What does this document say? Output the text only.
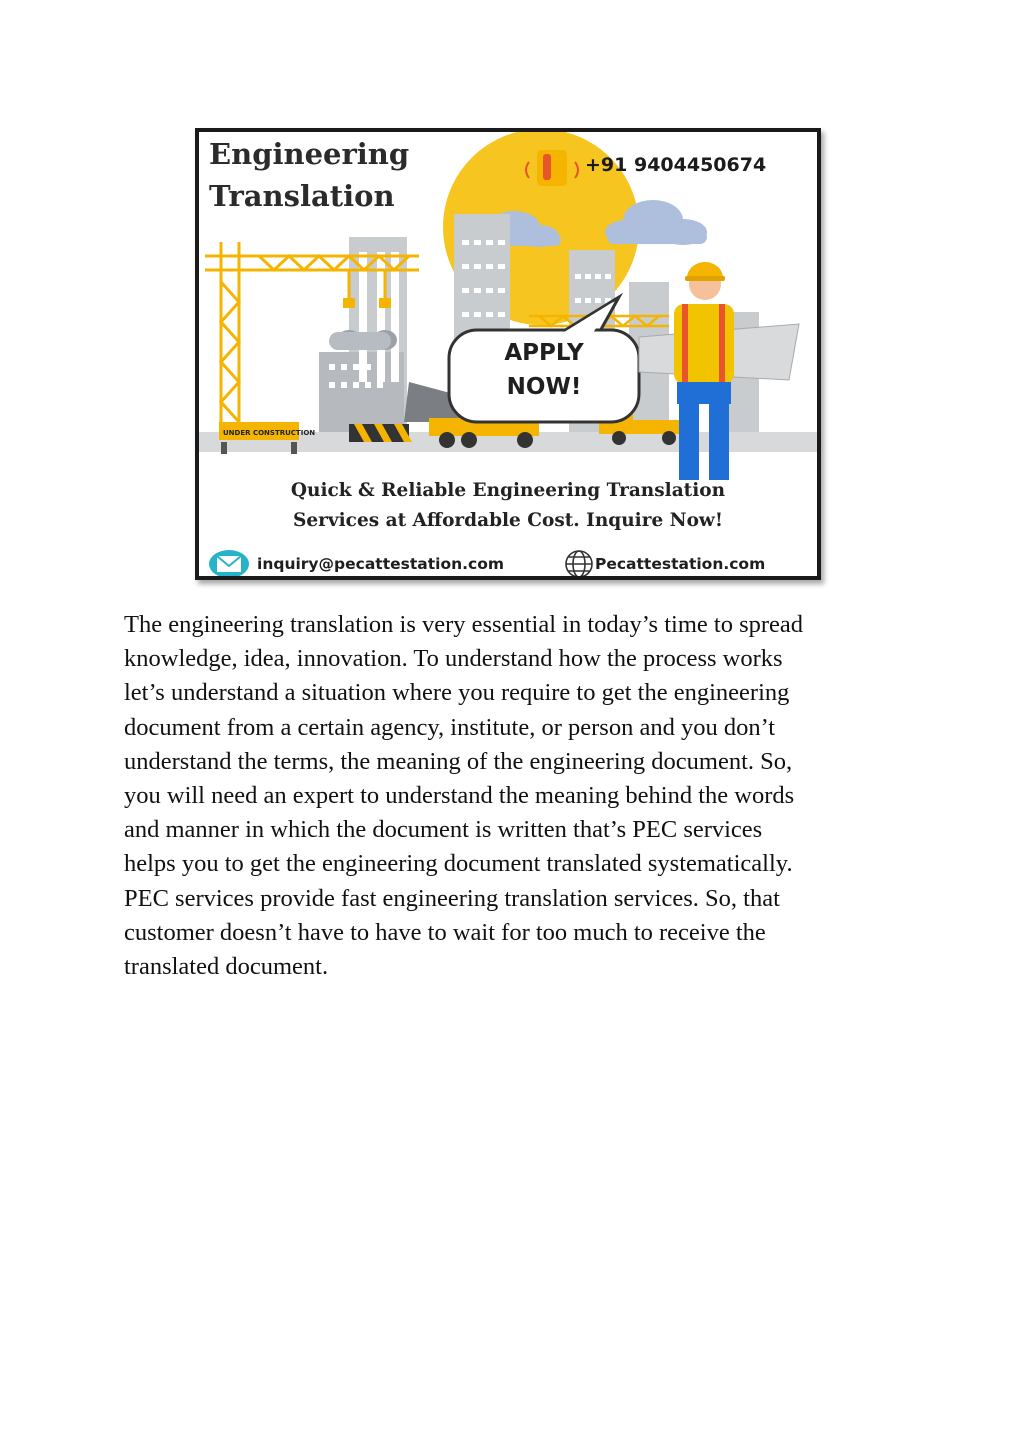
UNDER CONSTRUCTION
Engineering
Translation
+91 9404450674
APPLY
NOW!
Quick & Reliable Engineering Translation
Services at Affordable Cost. Inquire Now!
inquiry@pecattestation.com	Pecattestation.com
The engineering translation is very essential in today’s time to spread
knowledge, idea, innovation. To understand how the process works
let’s understand a situation where you require to get the engineering
document from a certain agency, institute, or person and you don’t
understand the terms, the meaning of the engineering document. So,
you will need an expert to understand the meaning behind the words
and manner in which the document is written that’s PEC services
helps you to get the engineering document translated systematically.
PEC services provide fast engineering translation services. So, that
customer doesn’t have to have to wait for too much to receive the
translated document.
